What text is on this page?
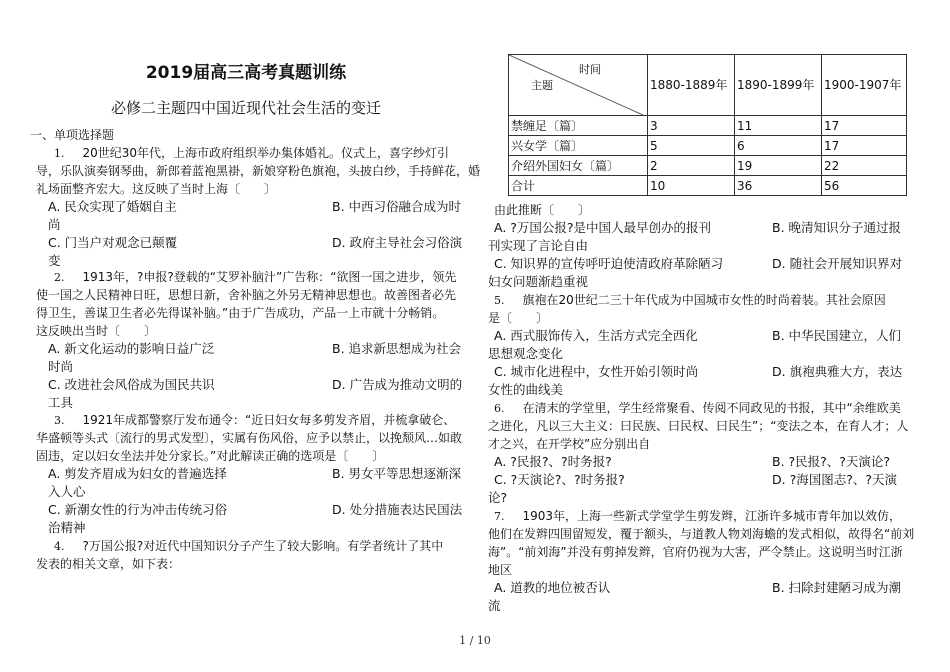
2019届高三高考真题训练
必修二主题四中国近现代社会生活的变迁
一、单项选择题
1. 20世纪30年代，上海市政府组织举办集体婚礼。仪式上，喜字纱灯引
导，乐队演奏钢琴曲，新郎着蓝袍黑褂，新娘穿粉色旗袍，头披白纱，手持鲜花，婚
礼场面整齐宏大。这反映了当时上海〔　　〕
A. 民众实现了婚姻自主	B. 中西习俗融合成为时
尚
C. 门当户对观念已颠覆	D. 政府主导社会习俗演
变
2. 1913年，?申报?登载的“艾罗补脑汁”广告称：“欲图一国之进步，领先
使一国之人民精神日旺，思想日新，舍补脑之外另无精神思想也。故善图者必先
得卫生，善谋卫生者必先得谋补脑。”由于广告成功，产品一上市就十分畅销。
这反映出当时〔　　〕
A. 新文化运动的影响日益广泛	B. 追求新思想成为社会
时尚
C. 改进社会风俗成为国民共识	D. 广告成为推动文明的
工具
3. 1921年成都警察厅发布通令：“近日妇女每多剪发齐眉，并梳拿破仑、
华盛顿等头式〔流行的男式发型〕，实属有伤风俗，应予以禁止，以挽颓风…如敢
固违，定以妇女坐法并处分家长。”对此解读正确的选项是〔　　〕
A. 剪发齐眉成为妇女的普遍选择	B. 男女平等思想逐渐深
入人心
C. 新潮女性的行为冲击传统习俗	D. 处分措施表达民国法
治精神
4. ?万国公报?对近代中国知识分子产生了较大影响。有学者统计了其中
发表的相关文章，如下表：
时间
主题	1880-1889年	1890-1899年	1900-1907年
禁缠足〔篇〕	3	11	17
兴女学〔篇〕	5	6	17
介绍外国妇女〔篇〕	2	19	22
合计	10	36	56
由此推断〔　　〕
A. ?万国公报?是中国人最早创办的报刊	B. 晚清知识分子通过报
刊实现了言论自由
C. 知识界的宣传呼吁迫使清政府革除陋习	D. 随社会开展知识界对
妇女问题渐趋重视
5. 旗袍在20世纪二三十年代成为中国城市女性的时尚着装。其社会原因
是〔　　〕
A. 西式服饰传入，生活方式完全西化	B. 中华民国建立，人们
思想观念变化
C. 城市化进程中，女性开始引领时尚	D. 旗袍典雅大方，表达
女性的曲线美
6. 在清末的学堂里，学生经常聚看、传阅不同政见的书报，其中“余维欧美
之进化，凡以三大主义：曰民族、曰民权、曰民生”；“变法之本，在育人才；人
才之兴，在开学校”应分别出自
A. ?民报?、?时务报?	B. ?民报?、?天演论?
C. ?天演论?、?时务报?	D. ?海国图志?、?天演
论?
7. 1903年，上海一些新式学堂学生剪发辫，江浙许多城市青年加以效仿，
他们在发辫四围留短发，覆于额头，与道教人物刘海蟾的发式相似，故得名“前刘
海”。“前刘海”并没有剪掉发辫，官府仍视为大害，严令禁止。这说明当时江浙
地区
A. 道教的地位被否认	B. 扫除封建陋习成为潮
流
1 / 10
